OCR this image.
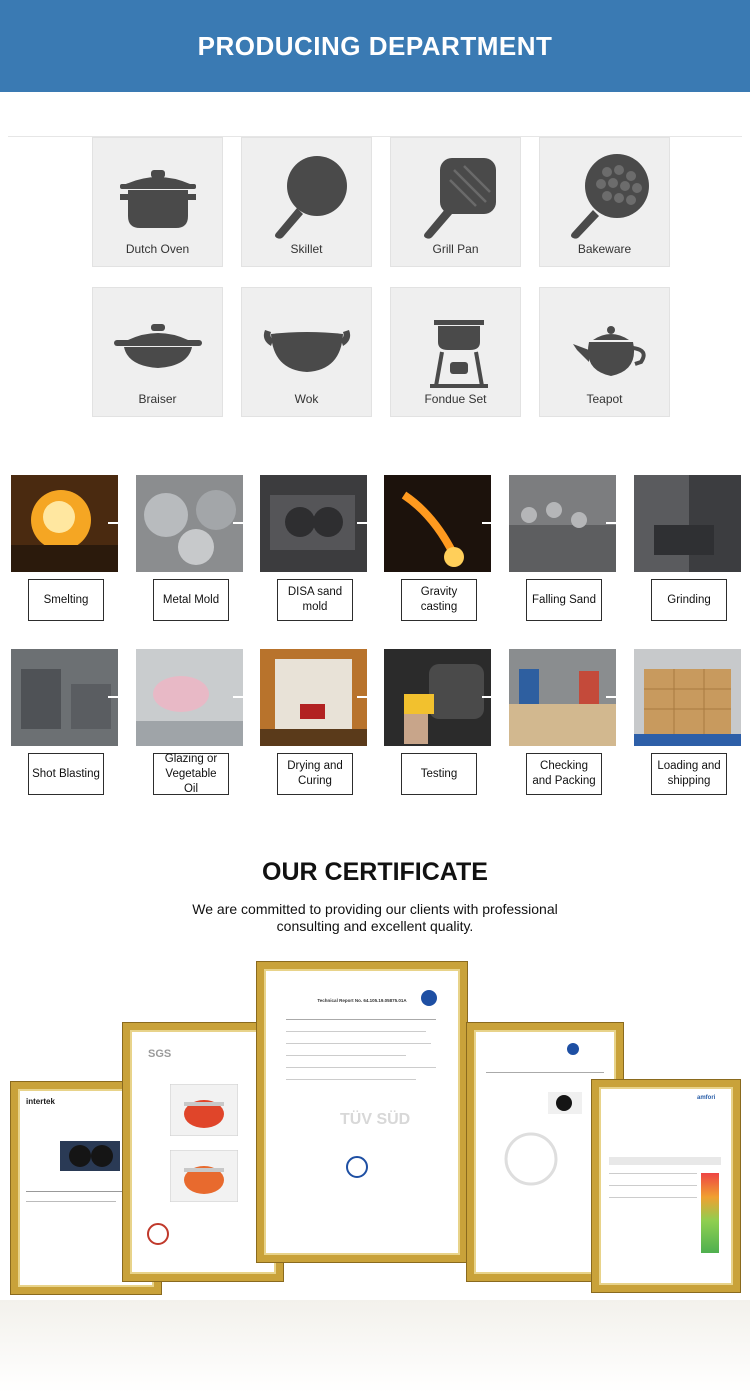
PRODUCING DEPARTMENT
Dutch Oven	Skillet	Grill Pan	Bakeware
Braiser	Wok	Fondue Set	Teapot
Smelting	Metal Mold
DISA sand mold
Gravity casting
Falling Sand	Grinding
Shot Blasting
Glazing or Vegetable Oil
Drying and Curing
Testing
Checking and Packing
Loading and shipping
OUR CERTIFICATE
We are committed to providing our clients with professional consulting and excellent quality.
intertek
SGS
Technical Report No. 64.105.19.05875.01A
TÜV SÜD
amfori
